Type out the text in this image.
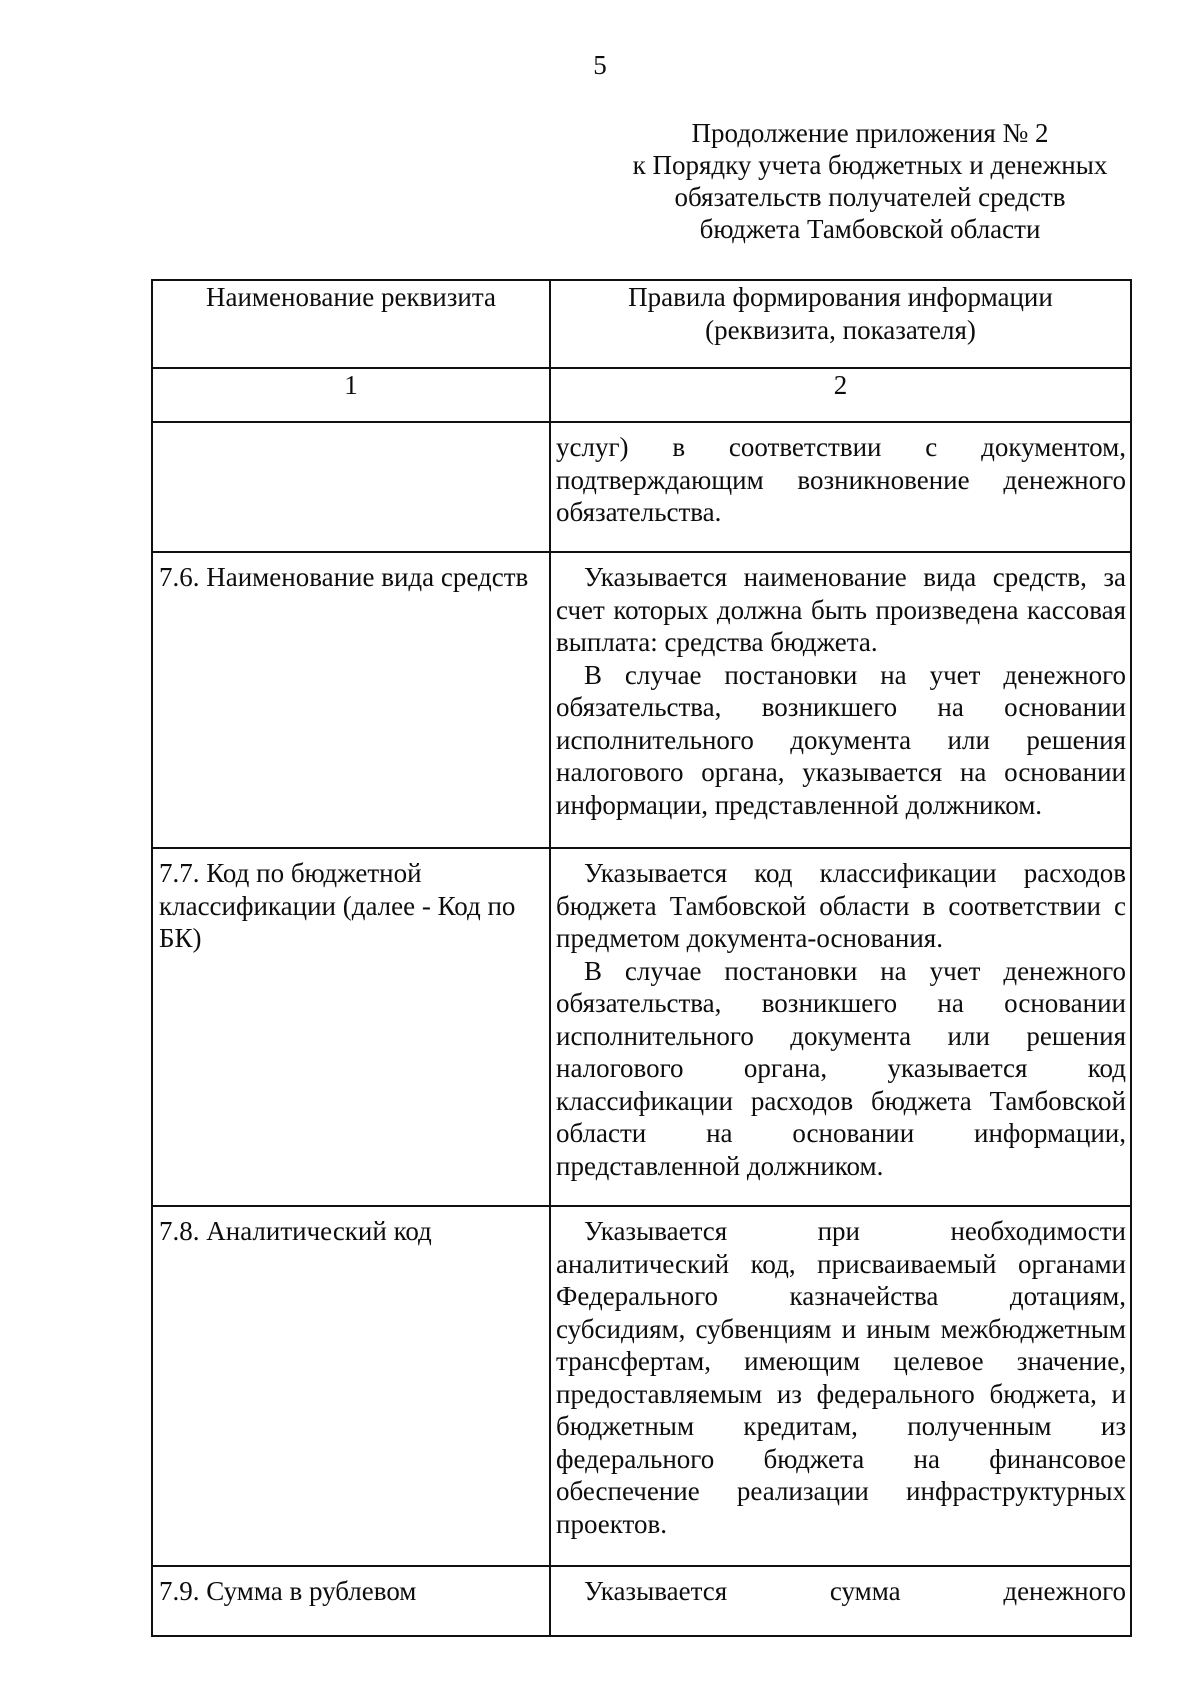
5
Продолжение приложения № 2
к Порядку учета бюджетных и денежных
обязательств получателей средств
бюджета Тамбовской области
Наименование реквизита	Правила формирования информации
(реквизита, показателя)

1	2

	услуг) в соответствии с документом, подтверждающим возникновение денежного обязательства.

7.6. Наименование вида средств	Указывается наименование вида средств, за счет которых должна быть произведена кассовая выплата: средства бюджета.
В случае постановки на учет денежного обязательства, возникшего на основании исполнительного документа или решения налогового органа, указывается на основании информации, представленной должником.

7.7. Код по бюджетной классификации (далее - Код по БК)	Указывается код классификации расходов бюджета Тамбовской области в соответствии с предметом документа-основания.
В случае постановки на учет денежного обязательства, возникшего на основании исполнительного документа или решения налогового органа, указывается код классификации расходов бюджета Тамбовской области на основании информации, представленной должником.

7.8. Аналитический код	Указывается при необходимости аналитический код, присваиваемый органами Федерального казначейства дотациям, субсидиям, субвенциям и иным межбюджетным трансфертам, имеющим целевое значение, предоставляемым из федерального бюджета, и бюджетным кредитам, полученным из федерального бюджета на финансовое обеспечение реализации инфраструктурных проектов.

7.9. Сумма в рублевом	Указывается сумма денежного
